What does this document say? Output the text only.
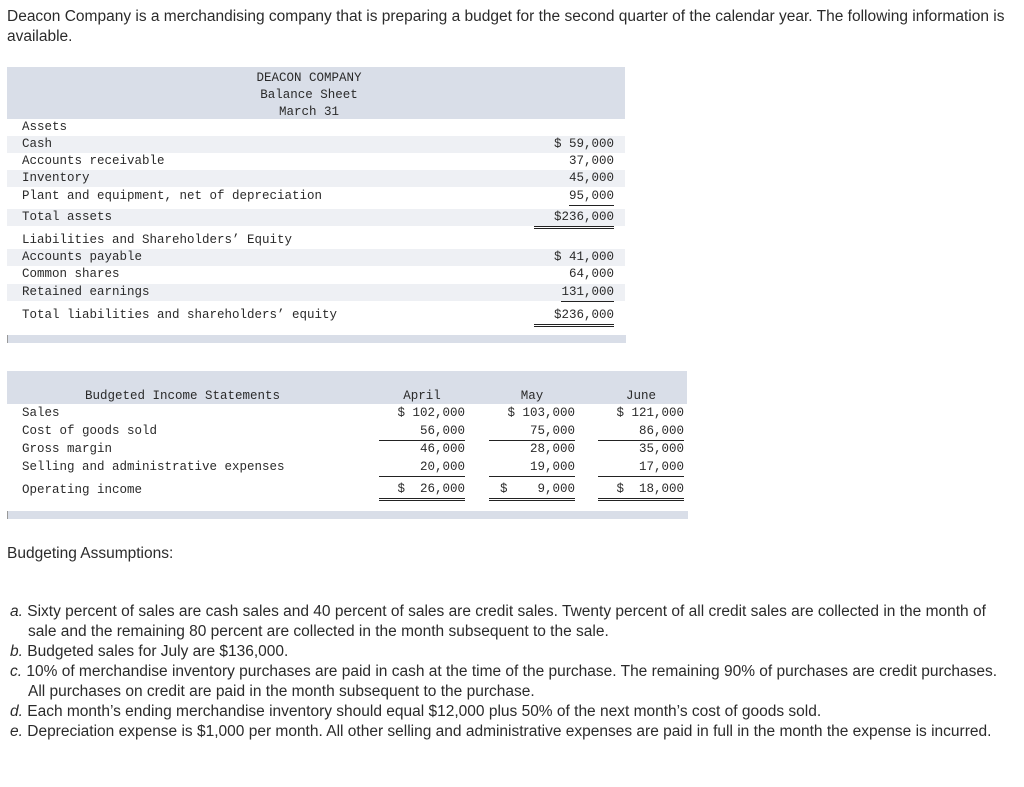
Deacon Company is a merchandising company that is preparing a budget for the second quarter of the calendar year. The following information is available.
DEACON COMPANY
Balance Sheet
March 31
Assets
Cash	$ 59,000
Accounts receivable	37,000
Inventory	45,000
Plant and equipment, net of depreciation	95,000
Total assets	$236,000
Liabilities and Shareholders’ Equity
Accounts payable	$ 41,000
Common shares	64,000
Retained earnings	131,000
Total liabilities and shareholders’ equity	$236,000
Budgeted Income Statements	April	May	June
Sales	$ 102,000	$ 103,000	$ 121,000
Cost of goods sold	56,000	75,000	86,000
Gross margin	46,000	28,000	35,000
Selling and administrative expenses	20,000	19,000	17,000
Operating income	$  26,000	$    9,000	$  18,000
Budgeting Assumptions:
a. Sixty percent of sales are cash sales and 40 percent of sales are credit sales. Twenty percent of all credit sales are collected in the month of sale and the remaining 80 percent are collected in the month subsequent to the sale.
b. Budgeted sales for July are $136,000.
c. 10% of merchandise inventory purchases are paid in cash at the time of the purchase. The remaining 90% of purchases are credit purchases. All purchases on credit are paid in the month subsequent to the purchase.
d. Each month’s ending merchandise inventory should equal $12,000 plus 50% of the next month’s cost of goods sold.
e. Depreciation expense is $1,000 per month. All other selling and administrative expenses are paid in full in the month the expense is incurred.
